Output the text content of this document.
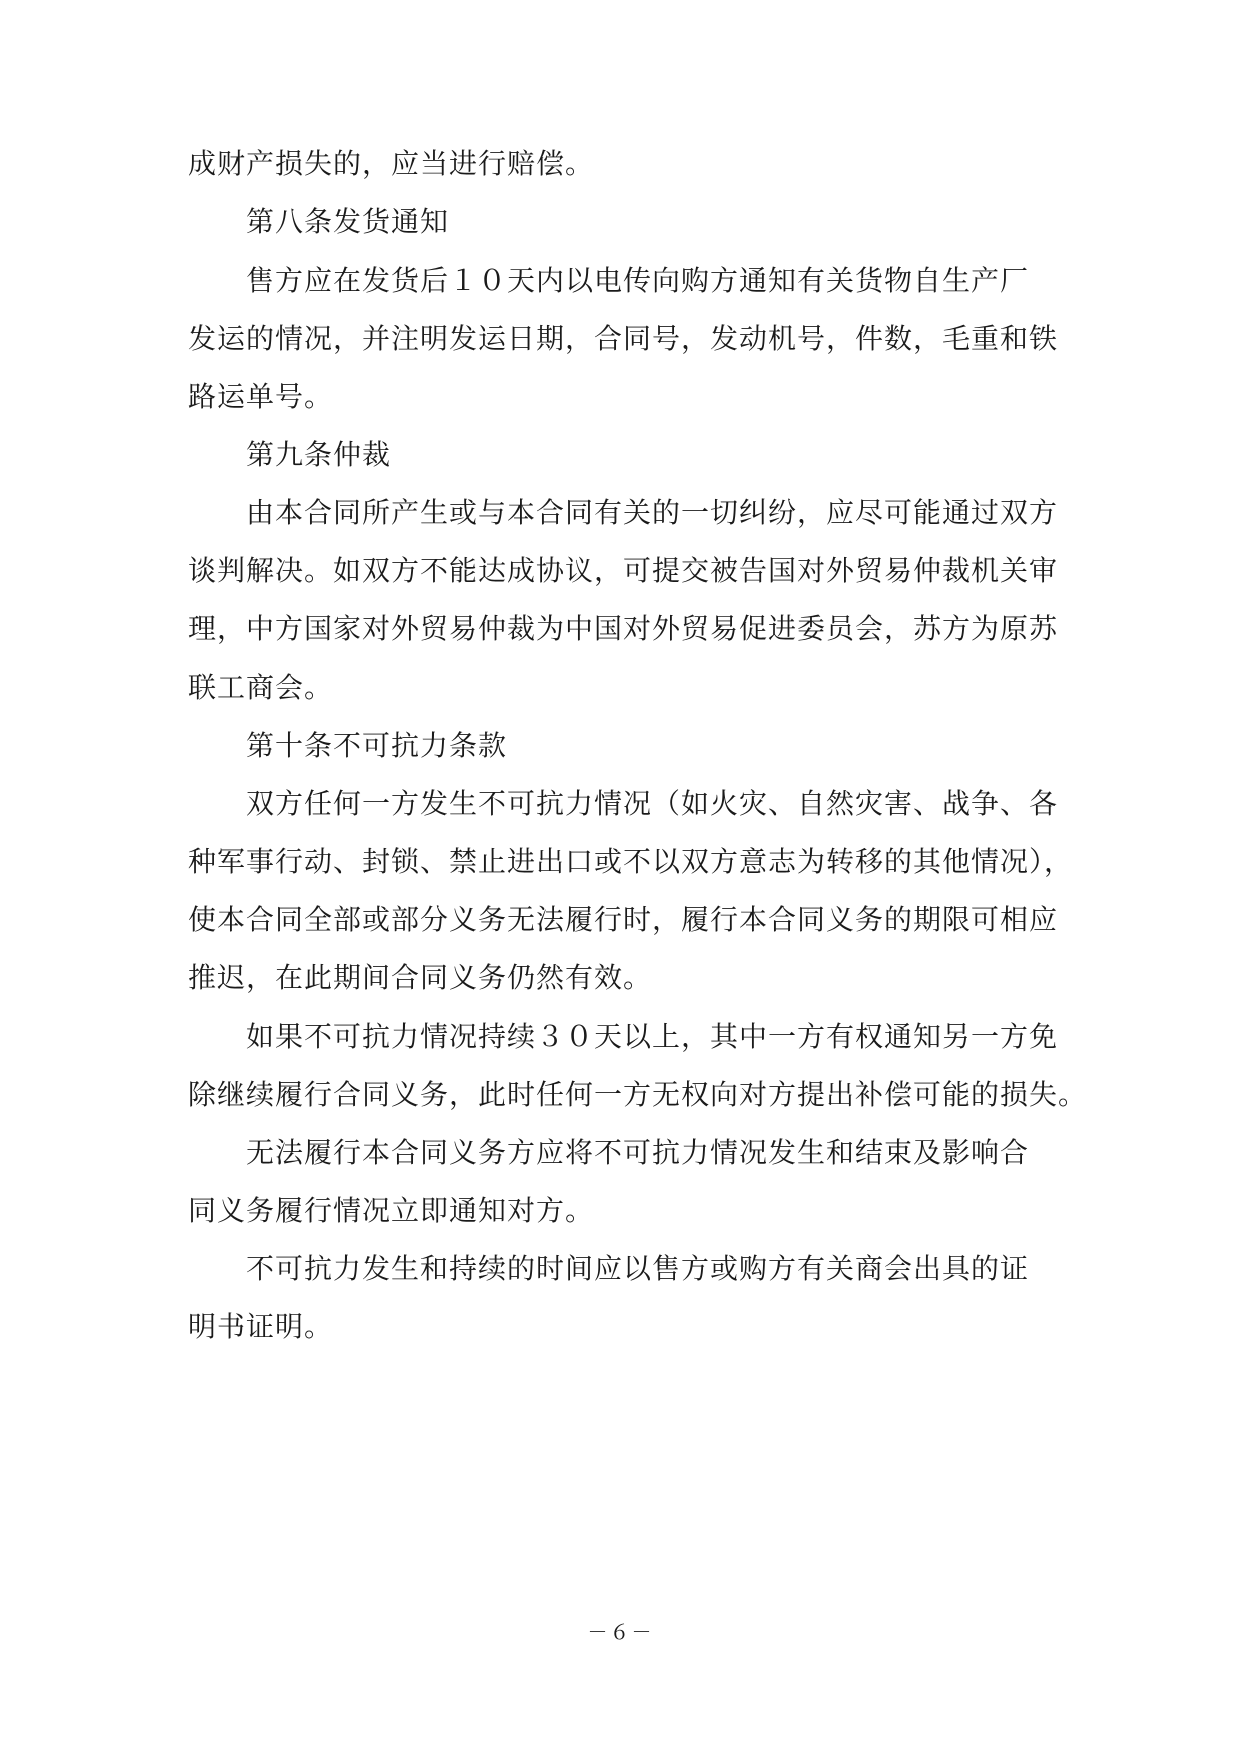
成财产损失的，应当进行赔偿。
第八条发货通知
售方应在发货后１０天内以电传向购方通知有关货物自生产厂
发运的情况，并注明发运日期，合同号，发动机号，件数，毛重和铁
路运单号。
第九条仲裁
由本合同所产生或与本合同有关的一切纠纷，应尽可能通过双方
谈判解决。如双方不能达成协议，可提交被告国对外贸易仲裁机关审
理，中方国家对外贸易仲裁为中国对外贸易促进委员会，苏方为原苏
联工商会。
第十条不可抗力条款
双方任何一方发生不可抗力情况（如火灾、自然灾害、战争、各
种军事行动、封锁、禁止进出口或不以双方意志为转移的其他情况），
使本合同全部或部分义务无法履行时，履行本合同义务的期限可相应
推迟，在此期间合同义务仍然有效。
如果不可抗力情况持续３０天以上，其中一方有权通知另一方免
除继续履行合同义务，此时任何一方无权向对方提出补偿可能的损失。
无法履行本合同义务方应将不可抗力情况发生和结束及影响合
同义务履行情况立即通知对方。
不可抗力发生和持续的时间应以售方或购方有关商会出具的证
明书证明。
－６－
